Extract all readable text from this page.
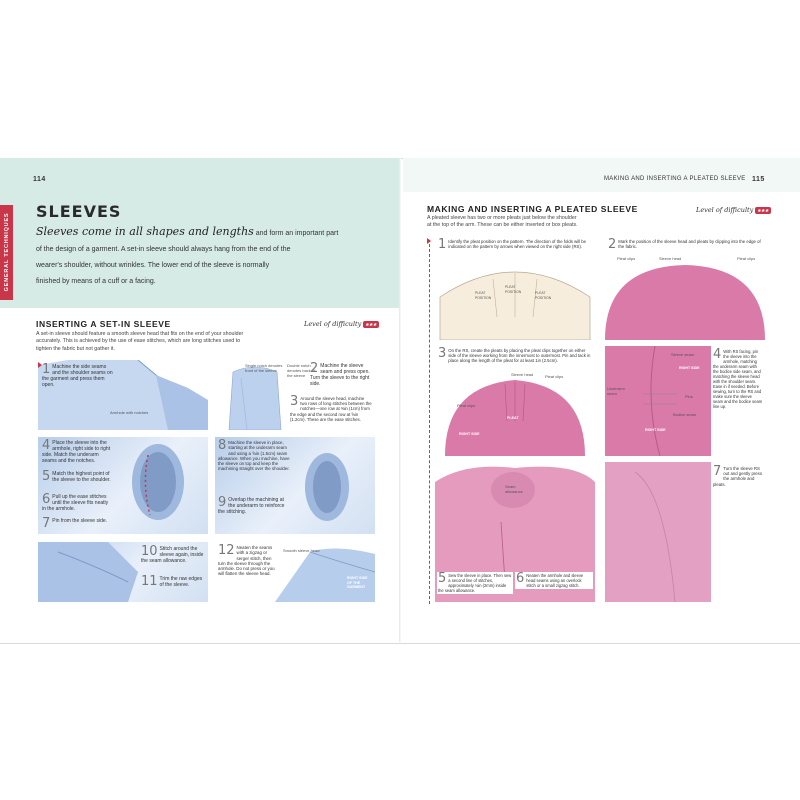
114
GENERAL TECHNIQUES
SLEEVES
Sleeves come in all shapes and lengths and form an important part
of the design of a garment. A set-in sleeve should always hang from the end of the
wearer's shoulder, without wrinkles. The lower end of the sleeve is normally
finished by means of a cuff or a facing.
INSERTING A SET-IN SLEEVE	Level of difficulty ✱✱✱
A set-in sleeve should feature a smooth sleeve head that fits on the end of your shoulder
accurately. This is achieved by the use of ease stitches, which are long stitches used to
tighten the fabric but not gather it.
1 Machine the side seams and the shoulder seams on the garment and press them open.
Armhole with notches
Single notch denotes front of the sleeve
Double notch denotes back of the sleeve 2 Machine the sleeve seam and press open. Turn the sleeve to the right side.
3 Around the sleeve head, machine two rows of long stitches between the notches—one row at ⅜in (1cm) from the edge and the second row at ⅝in (1.2cm). These are the ease stitches.
4 Place the sleeve into the armhole, right side to right side. Match the underarm seams and the notches.
5 Match the highest point of the sleeve to the shoulder.
6 Pull up the ease stitches until the sleeve fits neatly in the armhole.
7 Pin from the sleeve side.
8 Machine the sleeve in place, starting at the underarm seam and using a ⅝in (1.5cm) seam allowance. When you machine, have the sleeve on top and keep the machining straight over the shoulder.
9 Overlap the machining at the underarm to reinforce the stitching.
10 Stitch around the sleeve again, inside the seam allowance.
11 Trim the raw edges of the sleeve.
12 Neaten the seams with a zigzag or serger stitch, then turn the sleeve through the armhole. Do not press or you will flatten the sleeve head.
Smooth sleeve head
RIGHT SIDE OF THE GARMENT
MAKING AND INSERTING A PLEATED SLEEVE 115
MAKING AND INSERTING A PLEATED SLEEVE	Level of difficulty ✱✱✱
A pleated sleeve has two or more pleats just below the shoulder
at the top of the arm. These can be either inverted or box pleats.
1 Identify the pleat position on the pattern. The direction of the folds will be indicated on the pattern by arrows when viewed on the right side (RS).
PLEAT POSITION
PLEAT POSITION	PLEAT POSITION
2 Mark the position of the sleeve head and pleats by clipping into the edge of the fabric.
Pleat clips	Sleeve head	Pleat clips
3 On the RS, create the pleats by placing the pleat clips together on either side of the sleeve working from the innermost to outermost. Pin and tack in place along the length of the pleat for at least 1in (2.5cm).
Pleat clips
Sleeve head	Pleat clips
PLEAT
RIGHT SIDE
Sleeve seam
RIGHT SIDE
Underarm seam
Pins
Bodice seam
RIGHT SIDE
4 With RS facing, pin the sleeve into the armhole, matching the underarm seam with the bodice side seam, and matching the sleeve head with the shoulder seam. Ease in if needed. Before sewing, turn to the RS and make sure the sleeve seam and the bodice seam line up.
Seam allowance
5 Sew the sleeve in place. Then sew a second line of stitches, approximately ⅛in (2mm) inside the seam allowance.
6 Neaten the armhole and sleeve head seams using an overlock stitch or a small zigzag stitch.
7 Turn the sleeve RS out and gently press the armhole and pleats.
